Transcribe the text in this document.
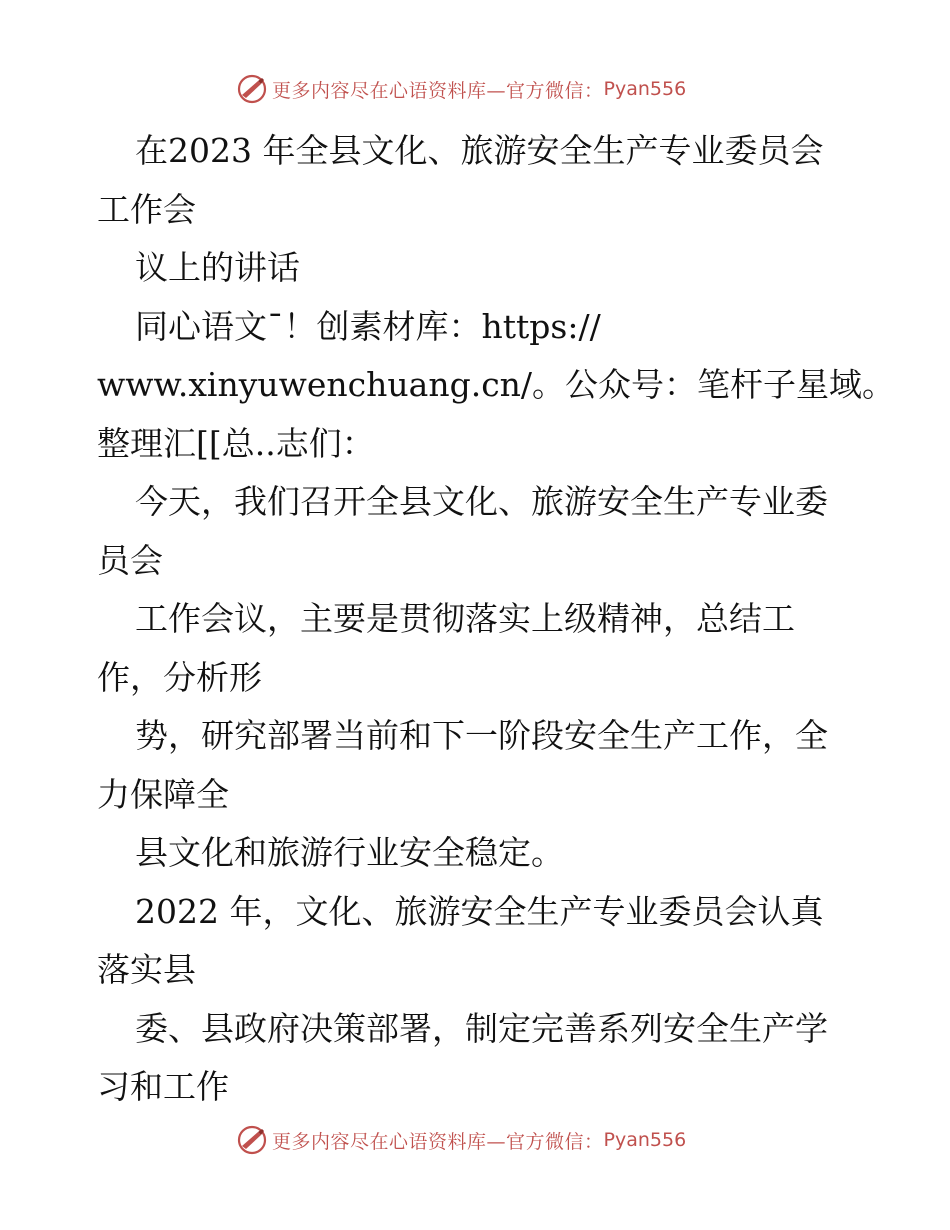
更多内容尽在心语资料库—官方微信： Pyan556
在2023 年全县文化、旅游安全生产专业委员会
工作会
议上的讲话
同心语文¯！创素材库：https://
www.xinyuwenchuang.cn/。公众号：笔杆子星域。
整理汇[[总..志们：
今天，我们召开全县文化、旅游安全生产专业委
员会
工作会议，主要是贯彻落实上级精神，总结工
作，分析形
势，研究部署当前和下一阶段安全生产工作，全
力保障全
县文化和旅游行业安全稳定。
2022 年，文化、旅游安全生产专业委员会认真
落实县
委、县政府决策部署，制定完善系列安全生产学
习和工作
更多内容尽在心语资料库—官方微信： Pyan556
